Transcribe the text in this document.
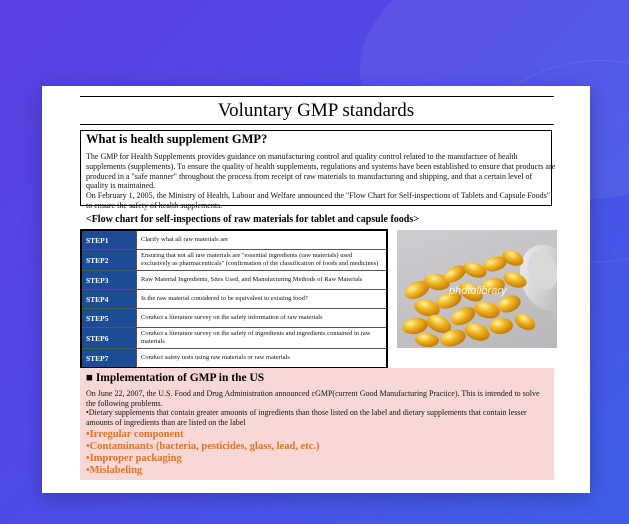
Voluntary GMP standards
What is health supplement GMP?

The GMP for Health Supplements provides guidance on manufacturing control and quality control related to the manufacture of health supplements (supplements). To ensure the quality of health supplements, regulations and systems have been established to ensure that products are produced in a "safe manner" throughout the process from receipt of raw materials to manufacturing and shipping, and that a certain level of quality is maintained.

On February 1, 2005, the Ministry of Health, Labour and Welfare announced the "Flow Chart for Self-inspections of Tablets and Capsule Foods" to ensure the safety of health supplements.

<Flow chart for self-inspections of raw materials for tablet and capsule foods>
STEP1	Clarify what all raw materials are
STEP2	Ensuring that not all raw materials are "essential ingredients (raw materials) used exclusively as pharmaceuticals" (confirmation of the classification of foods and medicines)
STEP3	Raw Material Ingredients, Sites Used, and Manufacturing Methods of Raw Materials
STEP4	Is the raw material considered to be equivalent to existing food?
STEP5	Conduct a literature survey on the safety information of raw materials
STEP6	Conduct a literature survey on the safety of ingredients and ingredients contained in raw materials
STEP7	Conduct safety tests using raw materials or raw materials
photolibrary
■ Implementation of GMP in the US

On June 22, 2007, the U.S. Food and Drug Administration announced cGMP(current Good Manufacturing Practice). This is intended to solve the following problems.

•Dietary supplements that contain greater amounts of ingredients than those listed on the label and dietary supplements that contain lesser amounts of ingredients than are listed on the label

•Irregular component
•Contaminants (bacteria, pesticides, glass, lead, etc.)
•Improper packaging
•Mislabeling
